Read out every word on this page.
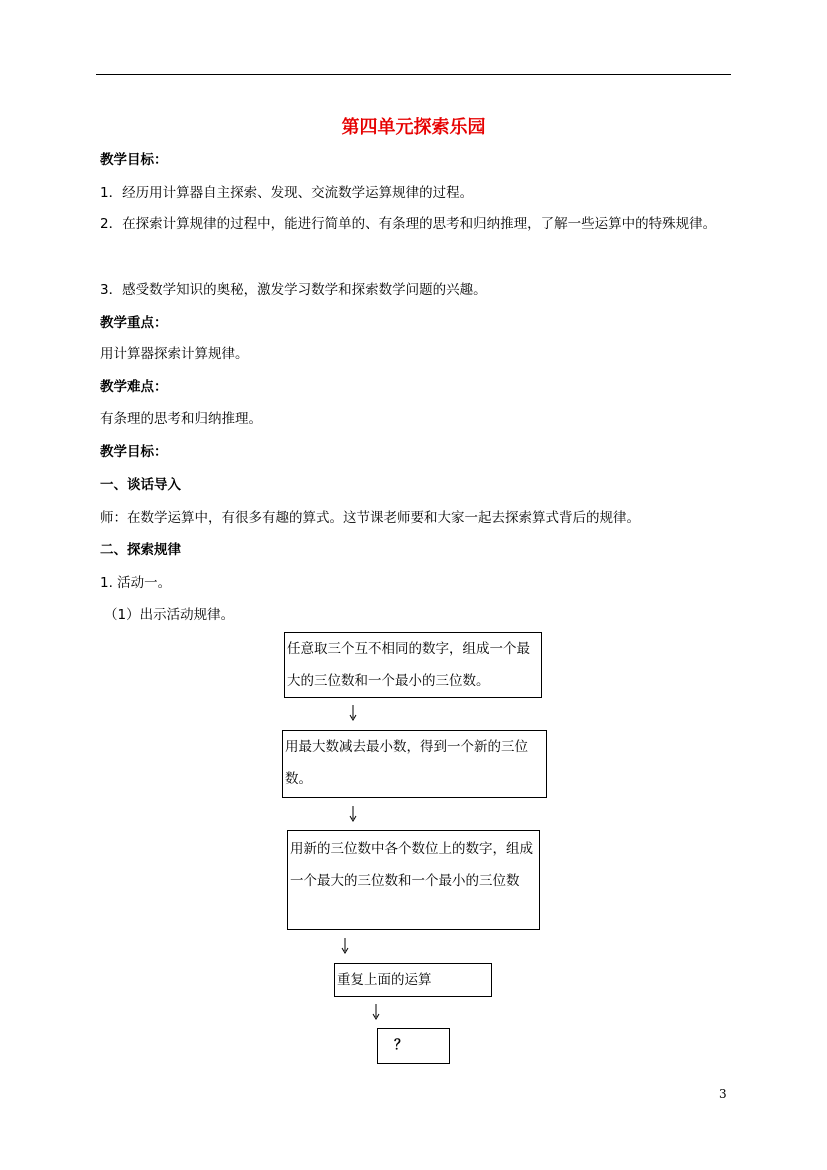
第四单元探索乐园
教学目标：
1．经历用计算器自主探索、发现、交流数学运算规律的过程。
2．在探索计算规律的过程中，能进行简单的、有条理的思考和归纳推理，了解一些运算中的特殊规律。
3．感受数学知识的奥秘，激发学习数学和探索数学问题的兴趣。
教学重点：
用计算器探索计算规律。
教学难点：
有条理的思考和归纳推理。
教学目标：
一、谈话导入
师：在数学运算中，有很多有趣的算式。这节课老师要和大家一起去探索算式背后的规律。
二、探索规律
1. 活动一。
（1）出示活动规律。
任意取三个互不相同的数字，组成一个最大的三位数和一个最小的三位数。
用最大数减去最小数，得到一个新的三位数。
用新的三位数中各个数位上的数字，组成一个最大的三位数和一个最小的三位数
重复上面的运算
？
3
